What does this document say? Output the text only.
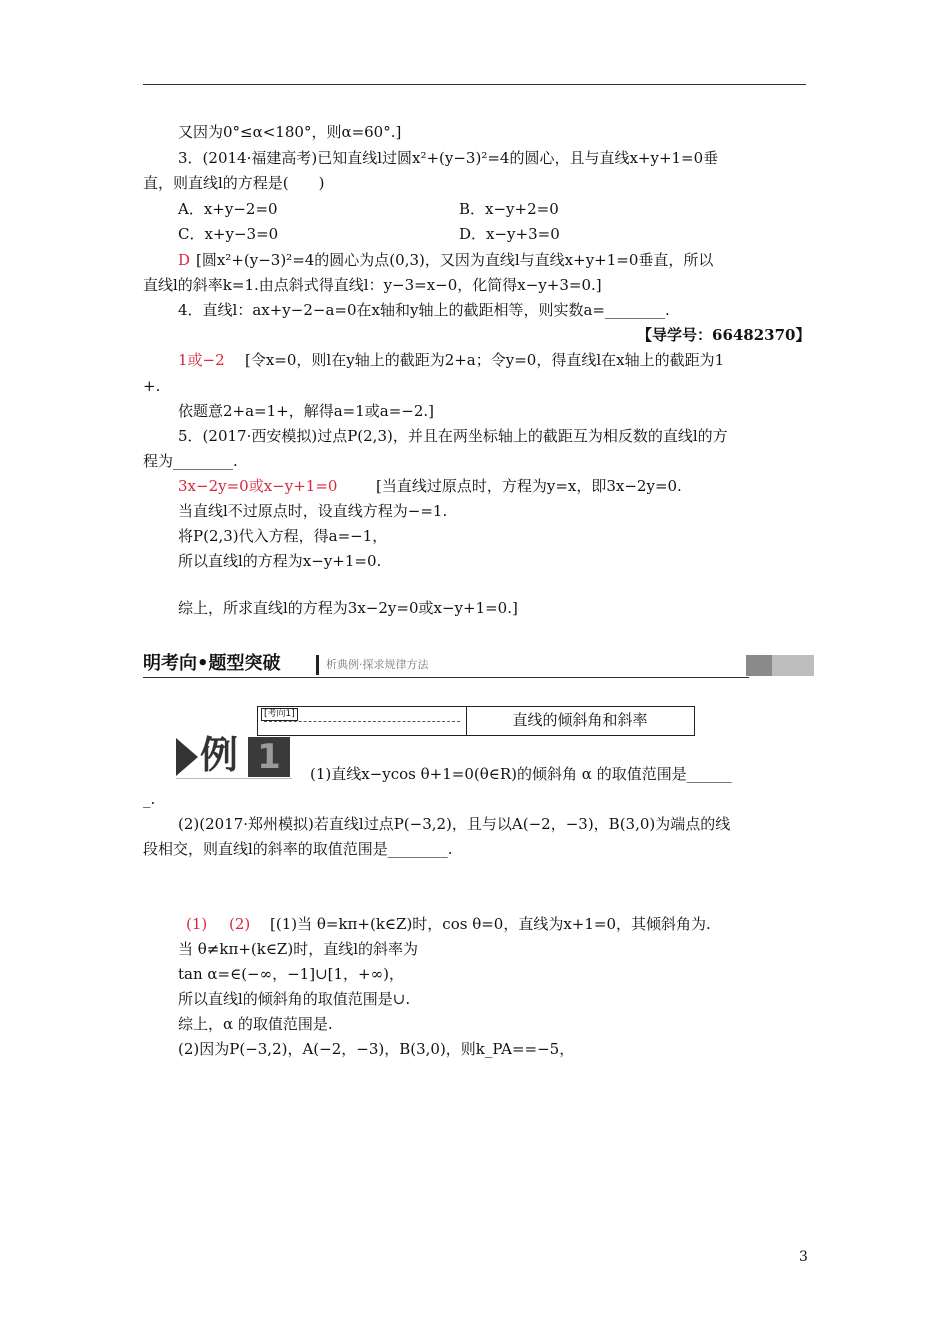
又因为0°≤α<180°，则α=60°.]
3．(2014·福建高考)已知直线l过圆x²+(y−3)²=4的圆心，且与直线x+y+1=0垂
直，则直线l的方程是(　　)
A．x+y−2=0	B．x−y+2=0
C．x+y−3=0	D．x−y+3=0
D [圆x²+(y−3)²=4的圆心为点(0,3)，又因为直线l与直线x+y+1=0垂直，所以
直线l的斜率k=1.由点斜式得直线l：y−3=x−0，化简得x−y+3=0.]
4．直线l：ax+y−2−a=0在x轴和y轴上的截距相等，则实数a=________.
【导学号：66482370】
1或−2 [令x=0，则l在y轴上的截距为2+a；令y=0，得直线l在x轴上的截距为1
+.
依题意2+a=1+，解得a=1或a=−2.]
5．(2017·西安模拟)过点P(2,3)，并且在两坐标轴上的截距互为相反数的直线l的方
程为________.
3x−2y=0或x−y+1=0	[当直线过原点时，方程为y=x，即3x−2y=0.
当直线l不过原点时，设直线方程为−=1.
将P(2,3)代入方程，得a=−1，
所以直线l的方程为x−y+1=0.
综上，所求直线l的方程为3x−2y=0或x−y+1=0.]
明考向•题型突破	析典例·探求规律方法
[考向1]	直线的倾斜角和斜率
例 1	(1)直线x−ycos θ+1=0(θ∈R)的倾斜角 α 的取值范围是______
_.
(2)(2017·郑州模拟)若直线l过点P(−3,2)，且与以A(−2，−3)，B(3,0)为端点的线
段相交，则直线l的斜率的取值范围是________.
(1) (2) [(1)当 θ=kπ+(k∈Z)时，cos θ=0，直线为x+1=0，其倾斜角为.
当 θ≠kπ+(k∈Z)时，直线l的斜率为
tan α=∈(−∞，−1]∪[1，+∞)，
所以直线l的倾斜角的取值范围是∪.
综上，α 的取值范围是.
(2)因为P(−3,2)，A(−2，−3)，B(3,0)，则k_PA==−5，
3
